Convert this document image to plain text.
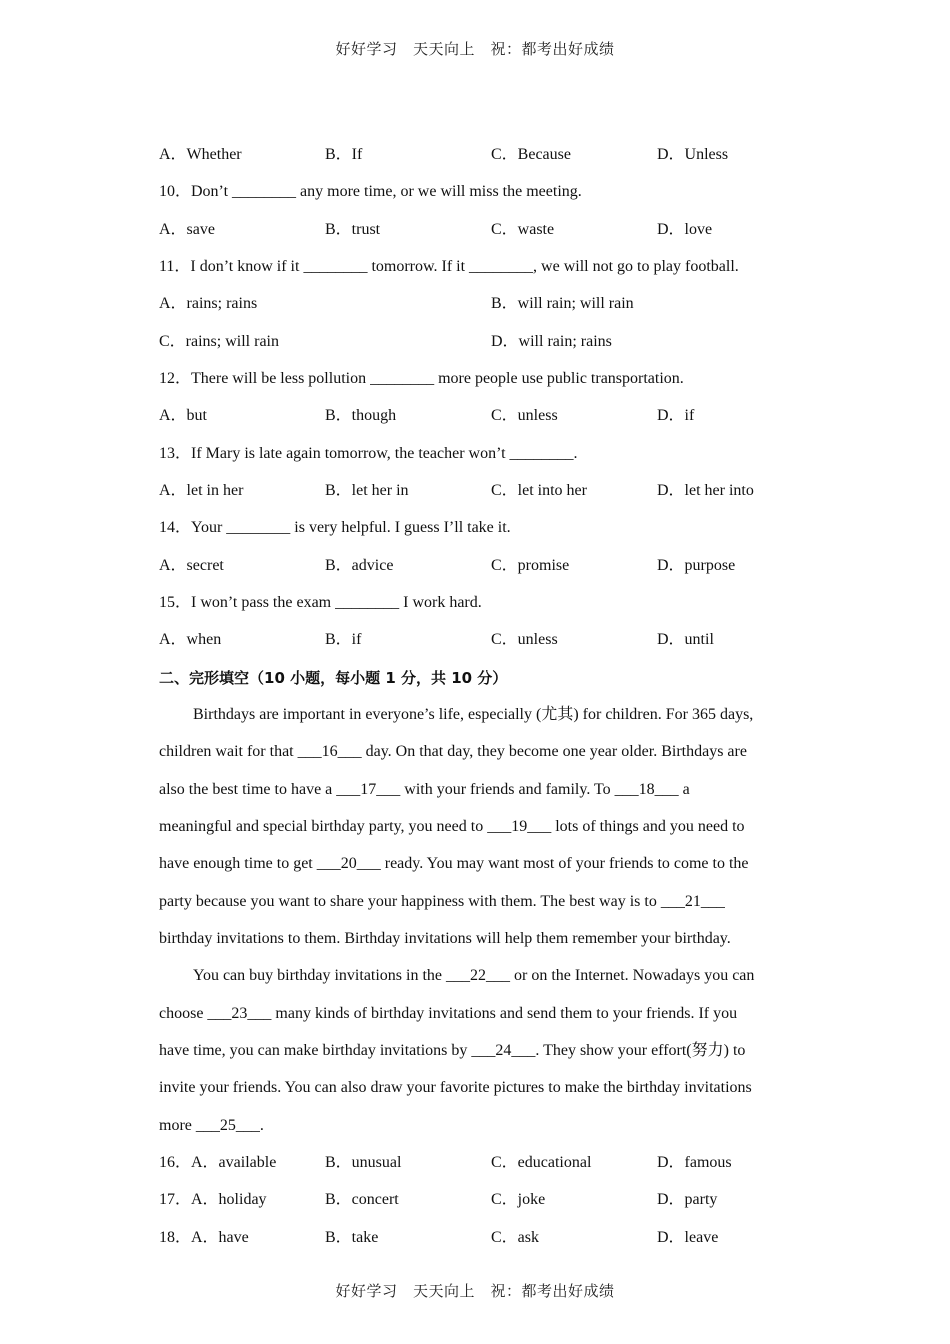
好好学习　天天向上　祝：都考出好成绩
A．Whether	B．If	C．Because	D．Unless
10．Don’t ________ any more time, or we will miss the meeting.
A．save	B．trust	C．waste	D．love
11．I don’t know if it ________ tomorrow. If it ________, we will not go to play football.
A．rains; rains	B．will rain; will rain
C．rains; will rain	D．will rain; rains
12．There will be less pollution ________ more people use public transportation.
A．but	B．though	C．unless	D．if
13．If Mary is late again tomorrow, the teacher won’t ________.
A．let in her	B．let her in	C．let into her	D．let her into
14．Your ________ is very helpful. I guess I’ll take it.
A．secret	B．advice	C．promise	D．purpose
15．I won’t pass the exam ________ I work hard.
A．when	B．if	C．unless	D．until
二、完形填空（10 小题，每小题 1 分，共 10 分）
Birthdays are important in everyone’s life, especially (尤其) for children. For 365 days,
children wait for that ___16___ day. On that day, they become one year older. Birthdays are
also the best time to have a ___17___ with your friends and family. To ___18___ a
meaningful and special birthday party, you need to ___19___ lots of things and you need to
have enough time to get ___20___ ready. You may want most of your friends to come to the
party because you want to share your happiness with them. The best way is to ___21___
birthday invitations to them. Birthday invitations will help them remember your birthday.
You can buy birthday invitations in the ___22___ or on the Internet. Nowadays you can
choose ___23___ many kinds of birthday invitations and send them to your friends. If you
have time, you can make birthday invitations by ___24___. They show your effort(努力) to
invite your friends. You can also draw your favorite pictures to make the birthday invitations
more ___25___.
16．A．available	B．unusual	C．educational	D．famous
17．A．holiday	B．concert	C．joke	D．party
18．A．have	B．take	C．ask	D．leave
好好学习　天天向上　祝：都考出好成绩
